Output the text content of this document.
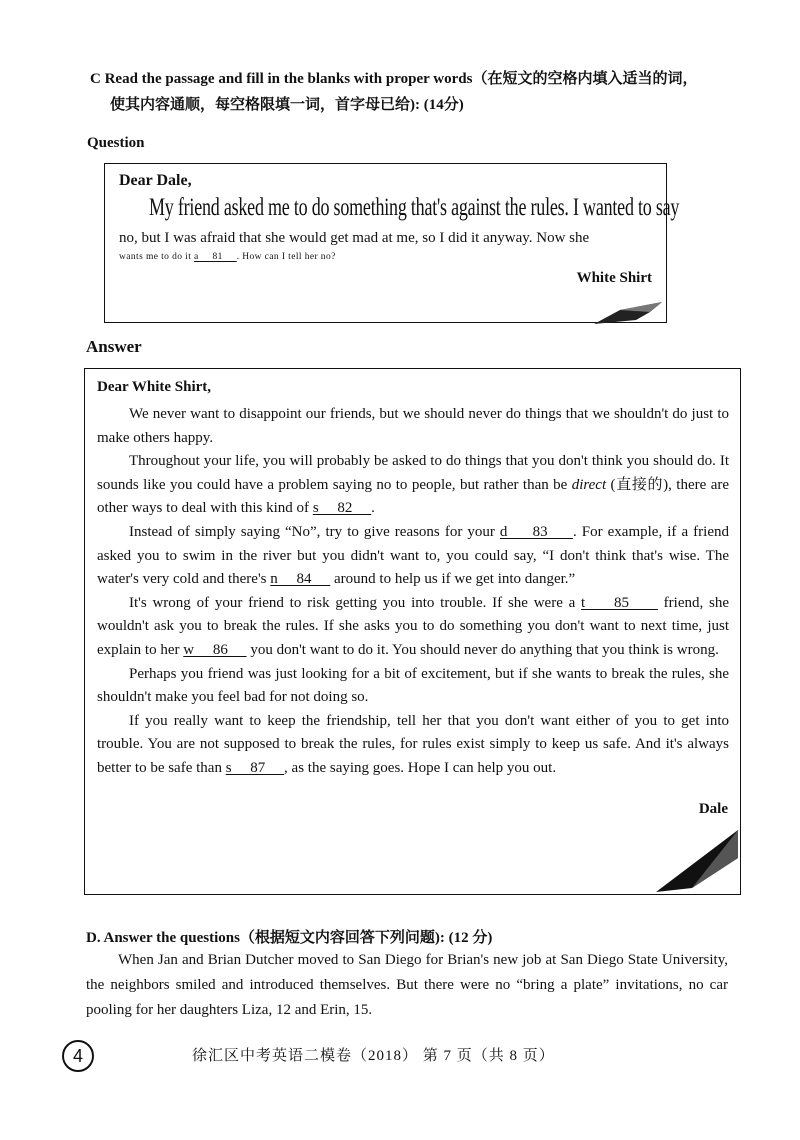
C Read the passage and fill in the blanks with proper words（在短文的空格内填入适当的词，
使其内容通顺，每空格限填一词，首字母已给): (14分)
Question
Dear Dale,
My friend asked me to do something that's against the rules. I wanted to say
no, but I was afraid that she would get mad at me, so I did it anyway. Now she
wants me to do it a     81     . How can I tell her no?
White Shirt
Answer
Dear White Shirt,

We never want to disappoint our friends, but we should never do things that we shouldn't do just to make others happy.

Throughout your life, you will probably be asked to do things that you don't think you should do. It sounds like you could have a problem saying no to people, but rather than be direct (直接的), there are other ways to deal with this kind of s     82     .

Instead of simply saying “No”, try to give reasons for your d     83     . For example, if a friend asked you to swim in the river but you didn't want to, you could say, “I don't think that's wise. The water's very cold and there's n     84      around to help us if we get into danger.”

It's wrong of your friend to risk getting you into trouble. If she were a t     85      friend, she wouldn't ask you to break the rules. If she asks you to do something you don't want to next time, just explain to her w     86      you don't want to do it. You should never do anything that you think is wrong.

Perhaps you friend was just looking for a bit of excitement, but if she wants to break the rules, she shouldn't make you feel bad for not doing so.

If you really want to keep the friendship, tell her that you don't want either of you to get into trouble. You are not supposed to break the rules, for rules exist simply to keep us safe. And it's always better to be safe than s     87     , as the saying goes. Hope I can help you out.

Dale
D. Answer the questions（根据短文内容回答下列问题): (12 分)

When Jan and Brian Dutcher moved to San Diego for Brian's new job at San Diego State University, the neighbors smiled and introduced themselves. But there were no “bring a plate” invitations, no car pooling for her daughters Liza, 12 and Erin, 15.

4	徐汇区中考英语二模卷（2018） 第 7 页（共 8 页）
